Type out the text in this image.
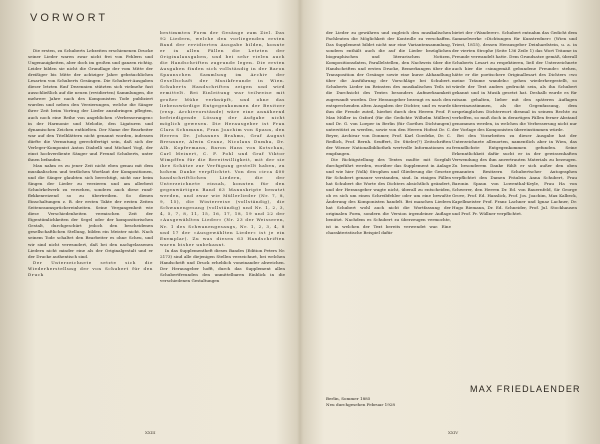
VORWORT

Die ersten, zu Schuberts Lebzeiten erschienenen Drucke seiner Lieder waren zwar nicht frei von Fehlern und Ungenauigkeiten, aber doch im großen und ganzen richtig. Leider bilden sie nicht die Grundlage der vom Mitte der dreißiger bis Mitte der achtziger Jahre gebräuchlichen Lesarten von Schuberts Gesängen. Die Schubert-Ausgaben dieser letzten fünf Dezennien stützten sich vielmehr fast ausschließlich auf die neuen (revidierten) Sammlungen, die mehrere Jahre nach des Komponisten Tode publiziert wurden und neben den Verzierungen, welche die Sänger ihrer Zeit beim Vortrag der Lieder anzubringen pflegten, auch noch eine Reihe von angeblichen »Verbesserungen« in der Harmonie und Melodie, den Ligaturen und dynamischen Zeichen enthielten. Der Name der Bearbeiter war auf den Titelblättern nicht genannt worden, indessen dürfte die Vermutung gerechtfertigt sein, daß sich der Verleger-Komponist Anton Diabelli und Michael Vogl, der einst hochverdiente Sänger und Freund Schuberts, unter ihnen befanden.

Man nahm es zu jener Zeit nicht eben genau mit dem musikalischen und textlichen Wortlaut der Kompositionen, und die Sänger glaubten sich berechtigt, nicht nur beim Singen der Lieder zu verzieren und am allerbest Schnörkelwerk zu versehen, sondern auch diese rund-flekkenreizend so zu übertreiben. So dienen Einschaltungen z. B. der ersten Takte der ersten Zeiten Seitenraumsprüchereinheiten. Seine Vergangenheit wie diese Verschiedenheiten vermischen Zeit der Eigentümlichkeiten der Segel oder der kompositorischen Gestalt, durchgeschürt jedoch den bescheidenen gesellschaftlichen Stellung, bilden ein Meister nicht. Nach seinem Tode schaltet den Bearbeiter es ohne Scheu, und wir sind nicht verwundert, daß bei den nachgelassenen Liedern nicht minder eine als der Originalgestalt und er der Drucke authentisch sind.

Der Unterzeichnete setzte sich die Wiederherstellung der von Schubert für den Druck

bestimmten Form der Gesänge zum Ziel. Das 92 Liedern, welche den vorliegenden ersten Band der revidierten Ausgabe bilden, konnte er in allen Fällen die Letzten der Originalausgaben, und bei sehr vielen auch die Handschriften zugrunde legen. Die ersten Ausgaben finden sich vollständig in der Baron Spaunschen Sammlung im Archiv der Gesellschaft der Musikfreunde in Wien. Schuberts Handschriften zeigen und wird ermittelt. Bei Einleitung war teilweise mit großer Mühe verknüpft, und ohne das liebenswürdige Entgegenkommen der Besitzer (resp. Archivvorstände) wäre eine annähernd befriedigende Lösung der Aufgabe nicht möglich gewesen. Die Herausgeber ist Frau Clara Schumann, Fran Joachim von Spaun, den Herren Dr. Johannes Brahms, Graf August Breunner, Alwin Cranz, Nicolaus Dumba, Dr. Alb. Kopfermann, Baron Hans von Kotschau, Carl Meinert, C. F. Pohl und Graf Viktor Wimpffen für die Bereitwilligkeit, mit der sie ihre Schätze zur Verfügung gestellt haben, zu hohem Danke verpflichtet. Von den circa 400 handschriftlichen Liedern, die der Unterzeichnete einsah, konnten für den gegenwärtigen Band 63 Manuskripte benutzt werden, und zwar wie Müllerlieder (Nr. 7, 8, 9, 15), die Winterreise (vollständig), die Schwanengesang (vollständig) und Nr. 1, 2, 3, 4, 5, 7, 8, 11, 15, 16, 17, 18, 19 und 22 der »Ausgewählten Lieder« (Nr. 23 der Weisseren, Nr. 1 des Schwanengesangs, Nr. 1, 2, 3, 4, 8 und 17 der »Ausgewählten Lieder« ist je ein Exemplar). Zu was diesen 63 Handschriften waren bisher unbekannt.

In das Supplementheft dieses Bandes (Edition Peters Nr. 2173) sind alle diejenigen Stellen verzeichnet, bei welchen Handschrift und Druck erheblich voneinander abweichen. Der Herausgeber hofft, durch das Supplement allen Schubertfreunden den unmittelbaren Einblick in die verschiedenen Gestaltungen

XXIII

der Lieder zu gewähren und zugleich den musikalischen Fachleuten die Möglichkeit der Kontrolle zu verschaffen. Das Supplement bildet nicht nur eine Variantensammlung, sondern enthält auch die auf die Lieder bezüglichen biographischen und literarischen Notizen, Kompositionsdaten, Parallelstellen, den Nachweis über die Handschriften und ersten Drucke, Bemerkungen über die Transposition der Gesänge sowie eine kurze Abhandlung über die Ausführung der Vorschläge bei Schubert. Schuberts Lieder im Reinsten des musikalischen Teils ist die Durchsicht des Textes besonders Aufmerksamkeit zugewandt worden. Der Herausgeber bezeugt es nach den entsprechenden alten Ausgaben der Dichter, und es wurde ihm die Freude zuteil, hierbei durch den Herren Prof. P. Max Müller in Oxford (für die Gedichte Wilhelm Müllers) und Dr. G. von Loeper in Berlin (für Goethes Dichtungen) unterstützt zu werden, sowie von den Herren Hofrat Dr. C. Beyer, Archivar von Donmer, Prof. Karl Goedeke, Dr. C. Redlich, Prof. Bernh. Seuffert, Dr. Stieler(?) Zeitschriften der Wiener Nationalbibliothek wertvolle Informationen zu empfangen.

Die Richtigstellung des Textes mußte mit Sorgfalt durchgeführt werden, worüber das Supplement in Anlage und wie hier (Volk) Strophen und Gliederung die Gesetze für Schubert genauer verstanden, sind. In einigen Fällen hat Schubert die Worte des Dichters absichtlich geändert, und der Herausgeber wagte nicht, überall zu entscheiden, ob es sich um einen Schreibfehler oder um eine bewußte Änderung des Komponisten handelt. Bei manchen Liedern hat Schubert wohl auch nicht die Wortfassung der originalen Form, sondern die Version irgendeiner Auflage benützt. Nachdem es Schubert zu überzeugen vermochte, ist in welchen der Text bereits verwendet war. Eine charakteristische Beispiel dafür

Berlin, Sommer 1885
Neu durchgesehen Februar 1928

bietet der »Wanderer«. Schubert entnahm das Gedicht dem Sammelwerke »Dichtungen für Kunstredner« (Wien und Triest, 1815), dessen Herausgeber Deinhardstein, u. a. in der vierten Strophe (Seite 136 Zeile 1) das Wort Träume in Freunde verwandelt hatte. Dem Grundsatze gemäß, überall Schuberts Lesart zu respektieren, ließ der Unterzeichnete auch hier die »sinngemäß gebundene Freunde« stehen, hätte er die poetischere Originallesart des Dichters »wo meine Träume wandeln« gehen wiederhergestellt, so würde der Text anders gedruckt sein, als ihn Schubert gekannt und in Musik gesetzt hat. Deshalb wurde es für ratsam gehalten, lieber mit den späteren Auflagen übereinzustimmen, als die Gegenfassung, dem ursprünglichen Dichterwort diesmal in seinem Rechte zu verhelfen, so muß doch in derartigen Fällen ferner Abstand genommen werden, in welchen die Verbesserung nicht nur der Vorlage des Komponisten übereinstimmen würde.

Bei den Vorarbeiten zu dieser Ausgabe hat der Unterzeichnete allenorten, namentlich aber in Wien, das freundlichste Entgegenkommen gefunden. Seine Erkenntlichkeit dafür sucht er in der gewissenhaften Verwendung des ihm anvertrauten Materials zu bezeugen. Zu besonderem Danke fühlt er sich außer den oben genannten Besitzern Schubertscher Autographen verpflichtet den Damen Fräulein Anna Schubert, Frau Baronin Spaun von Lowenthal-Keyle, Frau Ha von Schwerer, den Herren Dr. Ed. von Bauernfeld, Sir George Grove, Prof. Ed. Hanslick, Prof. Jos. Joachim, Max Kalbeck, Kapellmeister Prof. Franz Lachner und Ignaz Lachner, Dr. Hugo Riemann, Dr. Ed. Schneider, Prof. Jul. Stockhausen und Prof. Fr. Wüllner verpflichtet.

MAX FRIEDLAENDER
XXIV
